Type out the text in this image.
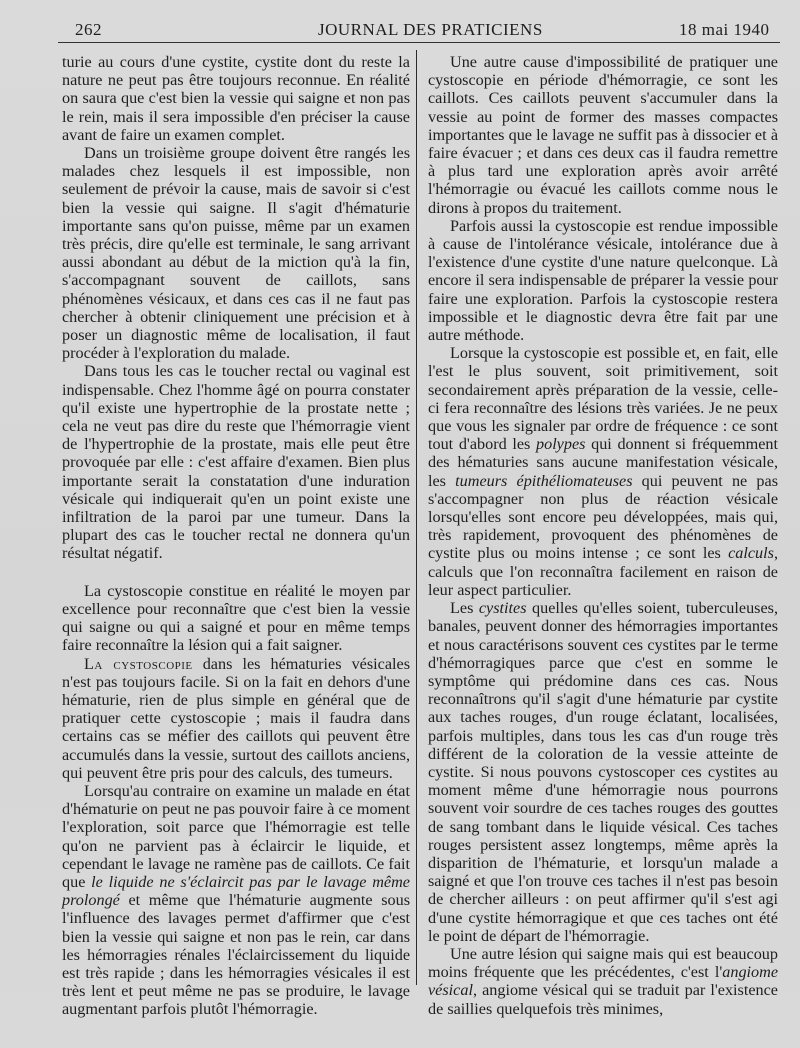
262	JOURNAL DES PRATICIENS	18 mai 1940

turie au cours d'une cystite, cystite dont du reste la nature ne peut pas être toujours reconnue. En réalité on saura que c'est bien la vessie qui saigne et non pas le rein, mais il sera impossible d'en préciser la cause avant de faire un examen complet.

Dans un troisième groupe doivent être rangés les malades chez lesquels il est impossible, non seulement de prévoir la cause, mais de savoir si c'est bien la vessie qui saigne. Il s'agit d'hématurie importante sans qu'on puisse, même par un examen très précis, dire qu'elle est terminale, le sang arrivant aussi abondant au début de la miction qu'à la fin, s'accompagnant souvent de caillots, sans phénomènes vésicaux, et dans ces cas il ne faut pas chercher à obtenir cliniquement une précision et à poser un diagnostic même de localisation, il faut procéder à l'exploration du malade.

Dans tous les cas le toucher rectal ou vaginal est indispensable. Chez l'homme âgé on pourra constater qu'il existe une hypertrophie de la prostate nette ; cela ne veut pas dire du reste que l'hémorragie vient de l'hypertrophie de la prostate, mais elle peut être provoquée par elle : c'est affaire d'examen. Bien plus importante serait la constatation d'une induration vésicale qui indiquerait qu'en un point existe une infiltration de la paroi par une tumeur. Dans la plupart des cas le toucher rectal ne donnera qu'un résultat négatif.

La cystoscopie constitue en réalité le moyen par excellence pour reconnaître que c'est bien la vessie qui saigne ou qui a saigné et pour en même temps faire reconnaître la lésion qui a fait saigner.

La cystoscopie dans les hématuries vésicales n'est pas toujours facile. Si on la fait en dehors d'une hématurie, rien de plus simple en général que de pratiquer cette cystoscopie ; mais il faudra dans certains cas se méfier des caillots qui peuvent être accumulés dans la vessie, surtout des caillots anciens, qui peuvent être pris pour des calculs, des tumeurs.

Lorsqu'au contraire on examine un malade en état d'hématurie on peut ne pas pouvoir faire à ce moment l'exploration, soit parce que l'hémorragie est telle qu'on ne parvient pas à éclaircir le liquide, et cependant le lavage ne ramène pas de caillots. Ce fait que le liquide ne s'éclaircit pas par le lavage même prolongé et même que l'hématurie augmente sous l'influence des lavages permet d'affirmer que c'est bien la vessie qui saigne et non pas le rein, car dans les hémorragies rénales l'éclaircissement du liquide est très rapide ; dans les hémorragies vésicales il est très lent et peut même ne pas se produire, le lavage augmentant parfois plutôt l'hémorragie.

Une autre cause d'impossibilité de pratiquer une cystoscopie en période d'hémorragie, ce sont les caillots. Ces caillots peuvent s'accumuler dans la vessie au point de former des masses compactes importantes que le lavage ne suffit pas à dissocier et à faire évacuer ; et dans ces deux cas il faudra remettre à plus tard une exploration après avoir arrêté l'hémorragie ou évacué les caillots comme nous le dirons à propos du traitement.

Parfois aussi la cystoscopie est rendue impossible à cause de l'intolérance vésicale, intolérance due à l'existence d'une cystite d'une nature quelconque. Là encore il sera indispensable de préparer la vessie pour faire une exploration. Parfois la cystoscopie restera impossible et le diagnostic devra être fait par une autre méthode.

Lorsque la cystoscopie est possible et, en fait, elle l'est le plus souvent, soit primitivement, soit secondairement après préparation de la vessie, celle-ci fera reconnaître des lésions très variées. Je ne peux que vous les signaler par ordre de fréquence : ce sont tout d'abord les polypes qui donnent si fréquemment des hématuries sans aucune manifestation vésicale, les tumeurs épithéliomateuses qui peuvent ne pas s'accompagner non plus de réaction vésicale lorsqu'elles sont encore peu développées, mais qui, très rapidement, provoquent des phénomènes de cystite plus ou moins intense ; ce sont les calculs, calculs que l'on reconnaîtra facilement en raison de leur aspect particulier.

Les cystites quelles qu'elles soient, tuberculeuses, banales, peuvent donner des hémorragies importantes et nous caractérisons souvent ces cystites par le terme d'hémorragiques parce que c'est en somme le symptôme qui prédomine dans ces cas. Nous reconnaîtrons qu'il s'agit d'une hématurie par cystite aux taches rouges, d'un rouge éclatant, localisées, parfois multiples, dans tous les cas d'un rouge très différent de la coloration de la vessie atteinte de cystite. Si nous pouvons cystoscoper ces cystites au moment même d'une hémorragie nous pourrons souvent voir sourdre de ces taches rouges des gouttes de sang tombant dans le liquide vésical. Ces taches rouges persistent assez longtemps, même après la disparition de l'hématurie, et lorsqu'un malade a saigné et que l'on trouve ces taches il n'est pas besoin de chercher ailleurs : on peut affirmer qu'il s'est agi d'une cystite hémorragique et que ces taches ont été le point de départ de l'hémorragie.

Une autre lésion qui saigne mais qui est beaucoup moins fréquente que les précédentes, c'est l'angiome vésical, angiome vésical qui se traduit par l'existence de saillies quelquefois très minimes,
